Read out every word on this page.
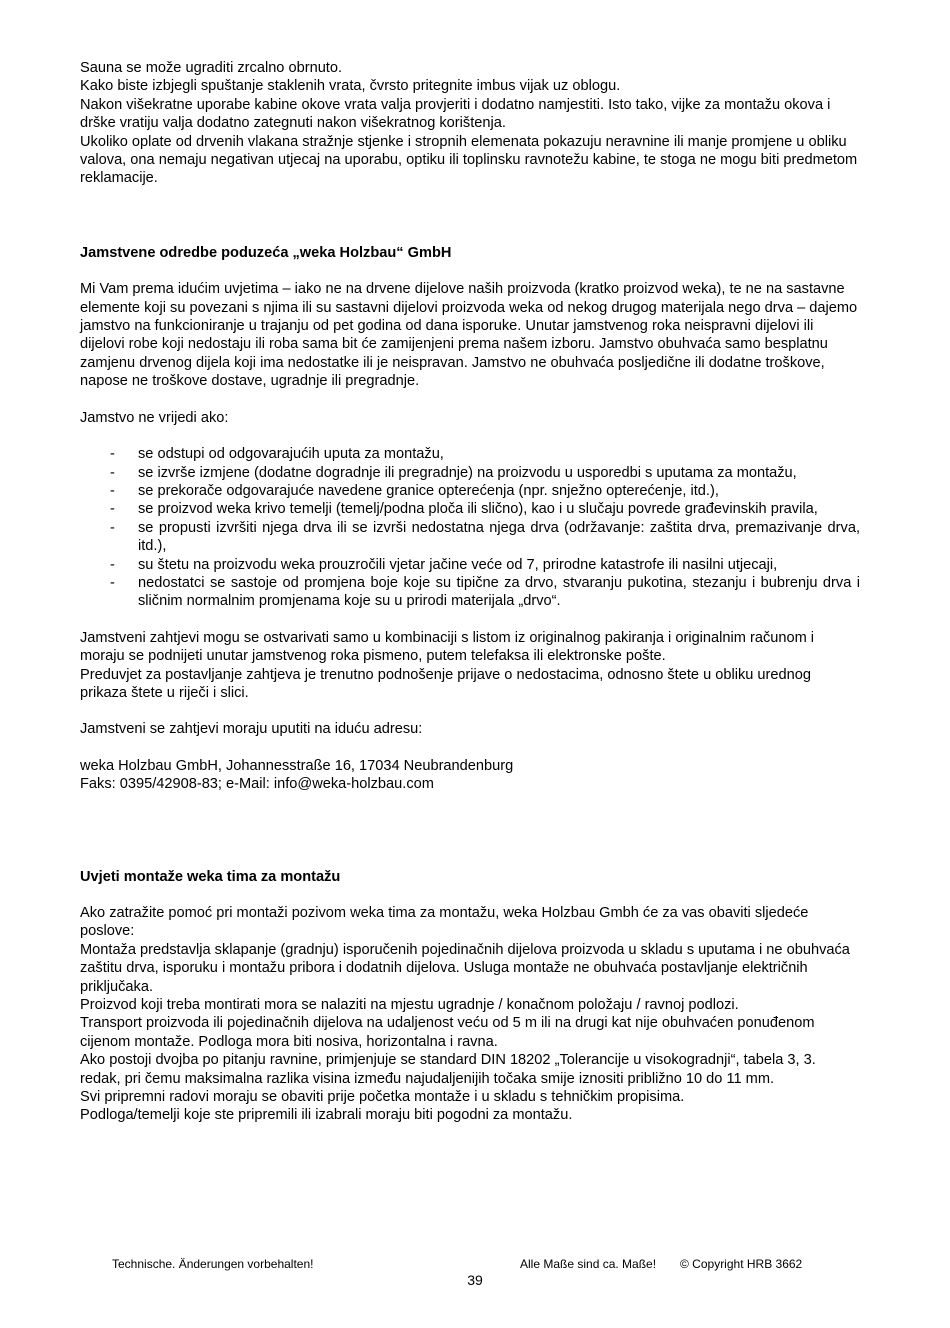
Sauna se može ugraditi zrcalno obrnuto.

Kako biste izbjegli spuštanje staklenih vrata, čvrsto pritegnite imbus vijak uz oblogu.

Nakon višekratne uporabe kabine okove vrata valja provjeriti i dodatno namjestiti. Isto tako, vijke za montažu okova i drške vratiju valja dodatno zategnuti nakon višekratnog korištenja.

Ukoliko oplate od drvenih vlakana stražnje stjenke i stropnih elemenata pokazuju neravnine ili manje promjene u obliku valova, ona nemaju negativan utjecaj na uporabu, optiku ili toplinsku ravnotežu kabine, te stoga ne mogu biti predmetom reklamacije.

Jamstvene odredbe poduzeća „weka Holzbau“ GmbH

Mi Vam prema idućim uvjetima – iako ne na drvene dijelove naših proizvoda (kratko proizvod weka), te ne na sastavne elemente koji su povezani s njima ili su sastavni dijelovi proizvoda weka od nekog drugog materijala nego drva – dajemo jamstvo na funkcioniranje u trajanju od pet godina od dana isporuke. Unutar jamstvenog roka neispravni dijelovi ili dijelovi robe koji nedostaju ili roba sama bit će zamijenjeni prema našem izboru. Jamstvo obuhvaća samo besplatnu zamjenu drvenog dijela koji ima nedostatke ili je neispravan. Jamstvo ne obuhvaća posljedične ili dodatne troškove, napose ne troškove dostave, ugradnje ili pregradnje.

Jamstvo ne vrijedi ako:

- se odstupi od odgovarajućih uputa za montažu,
- se izvrše izmjene (dodatne dogradnje ili pregradnje) na proizvodu u usporedbi s uputama za montažu,
- se prekorače odgovarajuće navedene granice opterećenja (npr. snježno opterećenje, itd.),
- se proizvod weka krivo temelji (temelj/podna ploča ili slično), kao i u slučaju povrede građevinskih pravila,
- se propusti izvršiti njega drva ili se izvrši nedostatna njega drva (održavanje: zaštita drva, premazivanje drva, itd.),
- su štetu na proizvodu weka prouzročili vjetar jačine veće od 7, prirodne katastrofe ili nasilni utjecaji,
- nedostatci se sastoje od promjena boje koje su tipične za drvo, stvaranju pukotina, stezanju i bubrenju drva i sličnim normalnim promjenama koje su u prirodi materijala „drvo“.

Jamstveni zahtjevi mogu se ostvarivati samo u kombinaciji s listom iz originalnog pakiranja i originalnim računom i moraju se podnijeti unutar jamstvenog roka pismeno, putem telefaksa ili elektronske pošte.

Preduvjet za postavljanje zahtjeva je trenutno podnošenje prijave o nedostacima, odnosno štete u obliku urednog prikaza štete u riječi i slici.

Jamstveni se zahtjevi moraju uputiti na iduću adresu:

weka Holzbau GmbH, Johannesstraße 16, 17034 Neubrandenburg

Faks: 0395/42908-83; e-Mail: info@weka-holzbau.com

Uvjeti montaže weka tima za montažu

Ako zatražite pomoć pri montaži pozivom weka tima za montažu, weka Holzbau Gmbh će za vas obaviti sljedeće poslove:

Montaža predstavlja sklapanje (gradnju) isporučenih pojedinačnih dijelova proizvoda u skladu s uputama i ne obuhvaća zaštitu drva, isporuku i montažu pribora i dodatnih dijelova. Usluga montaže ne obuhvaća postavljanje električnih priključaka.

Proizvod koji treba montirati mora se nalaziti na mjestu ugradnje / konačnom položaju / ravnoj podlozi.

Transport proizvoda ili pojedinačnih dijelova na udaljenost veću od 5 m ili na drugi kat nije obuhvaćen ponuđenom cijenom montaže. Podloga mora biti nosiva, horizontalna i ravna.

Ako postoji dvojba po pitanju ravnine, primjenjuje se standard DIN 18202 „Tolerancije u visokogradnji“, tabela 3, 3. redak, pri čemu maksimalna razlika visina između najudaljenijih točaka smije iznositi približno 10 do 11 mm.

Svi pripremni radovi moraju se obaviti prije početka montaže i u skladu s tehničkim propisima.

Podloga/temelji koje ste pripremili ili izabrali moraju biti pogodni za montažu.

Technische. Änderungen vorbehalten!	Alle Maße sind ca. Maße! © Copyright HRB 3662
39
